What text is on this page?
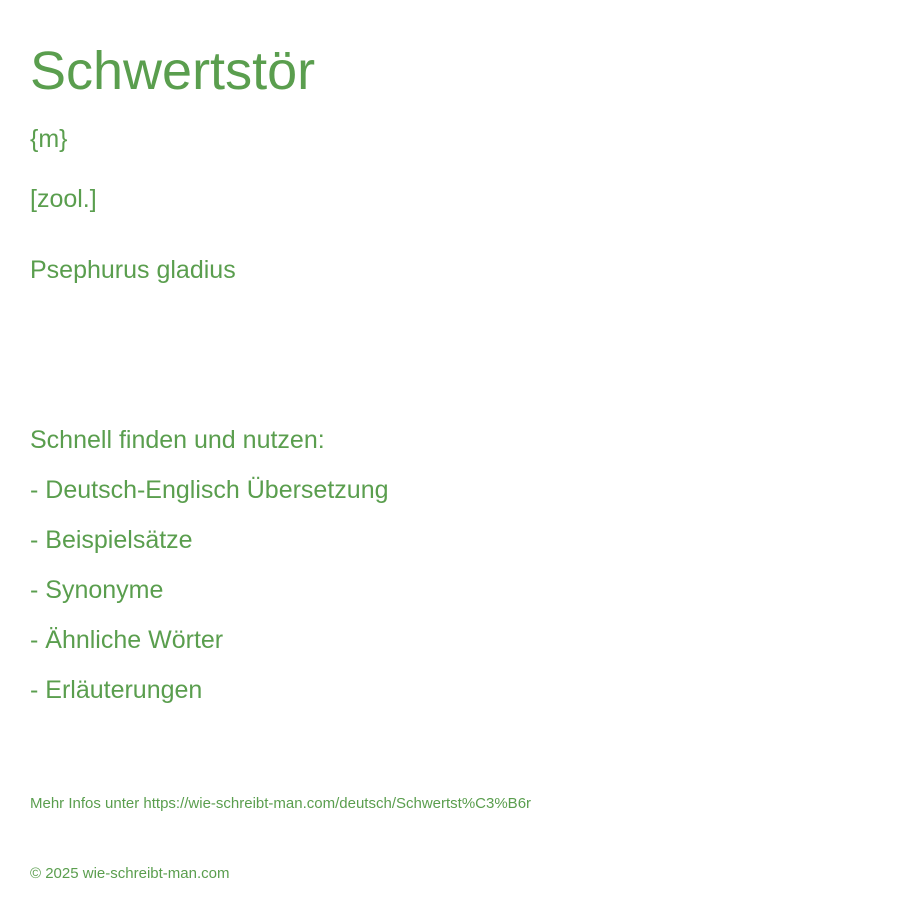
Schwertstör
{m}
[zool.]
Psephurus gladius
Schnell finden und nutzen:
- Deutsch-Englisch Übersetzung
- Beispielsätze
- Synonyme
- Ähnliche Wörter
- Erläuterungen
Mehr Infos unter https://wie-schreibt-man.com/deutsch/Schwertst%C3%B6r
© 2025 wie-schreibt-man.com
